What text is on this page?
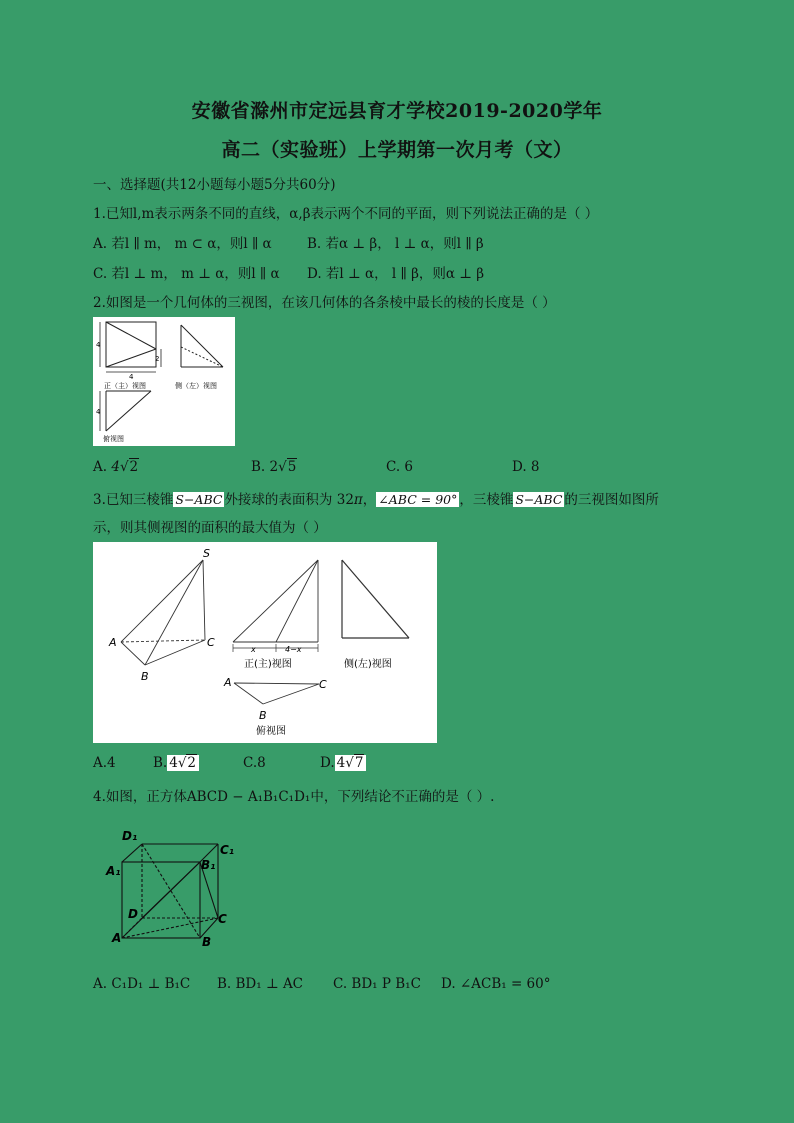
安徽省滁州市定远县育才学校2019-2020学年
高二（实验班）上学期第一次月考（文）
一、选择题(共12小题每小题5分共60分)
1.已知l,m表示两条不同的直线，α,β表示两个不同的平面，则下列说法正确的是（ ）
A. 若l ∥ m， m ⊂ α，则l ∥ α	B. 若α ⊥ β， l ⊥ α，则l ∥ β
C. 若l ⊥ m， m ⊥ α，则l ∥ α D. 若l ⊥ α， l ∥ β，则α ⊥ β
2.如图是一个几何体的三视图，在该几何体的各条棱中最长的棱的长度是（ ）
4
2
4
正（主）视图	侧（左）视图
4
俯视图
A. 4√2	B. 2√5	C. 6	D. 8
3.已知三棱锥 S−ABC 外接球的表面积为 32π， ∠ABC = 90° ，三棱锥 S−ABC 的三视图如图所
示，则其侧视图的面积的最大值为（ ）
S
A
B
C
x	4−x
正(主)视图	侧(左)视图
A
B
C
俯视图
A.4	B. 4√2	C.8	D. 4√7
4.如图，正方体ABCD − A₁B₁C₁D₁中，下列结论不正确的是（ ）.
D₁
C₁
A₁	B₁
D	C
A	B
A. C₁D₁ ⊥ B₁C B. BD₁ ⊥ AC C. BD₁ P B₁C D. ∠ACB₁ = 60°
